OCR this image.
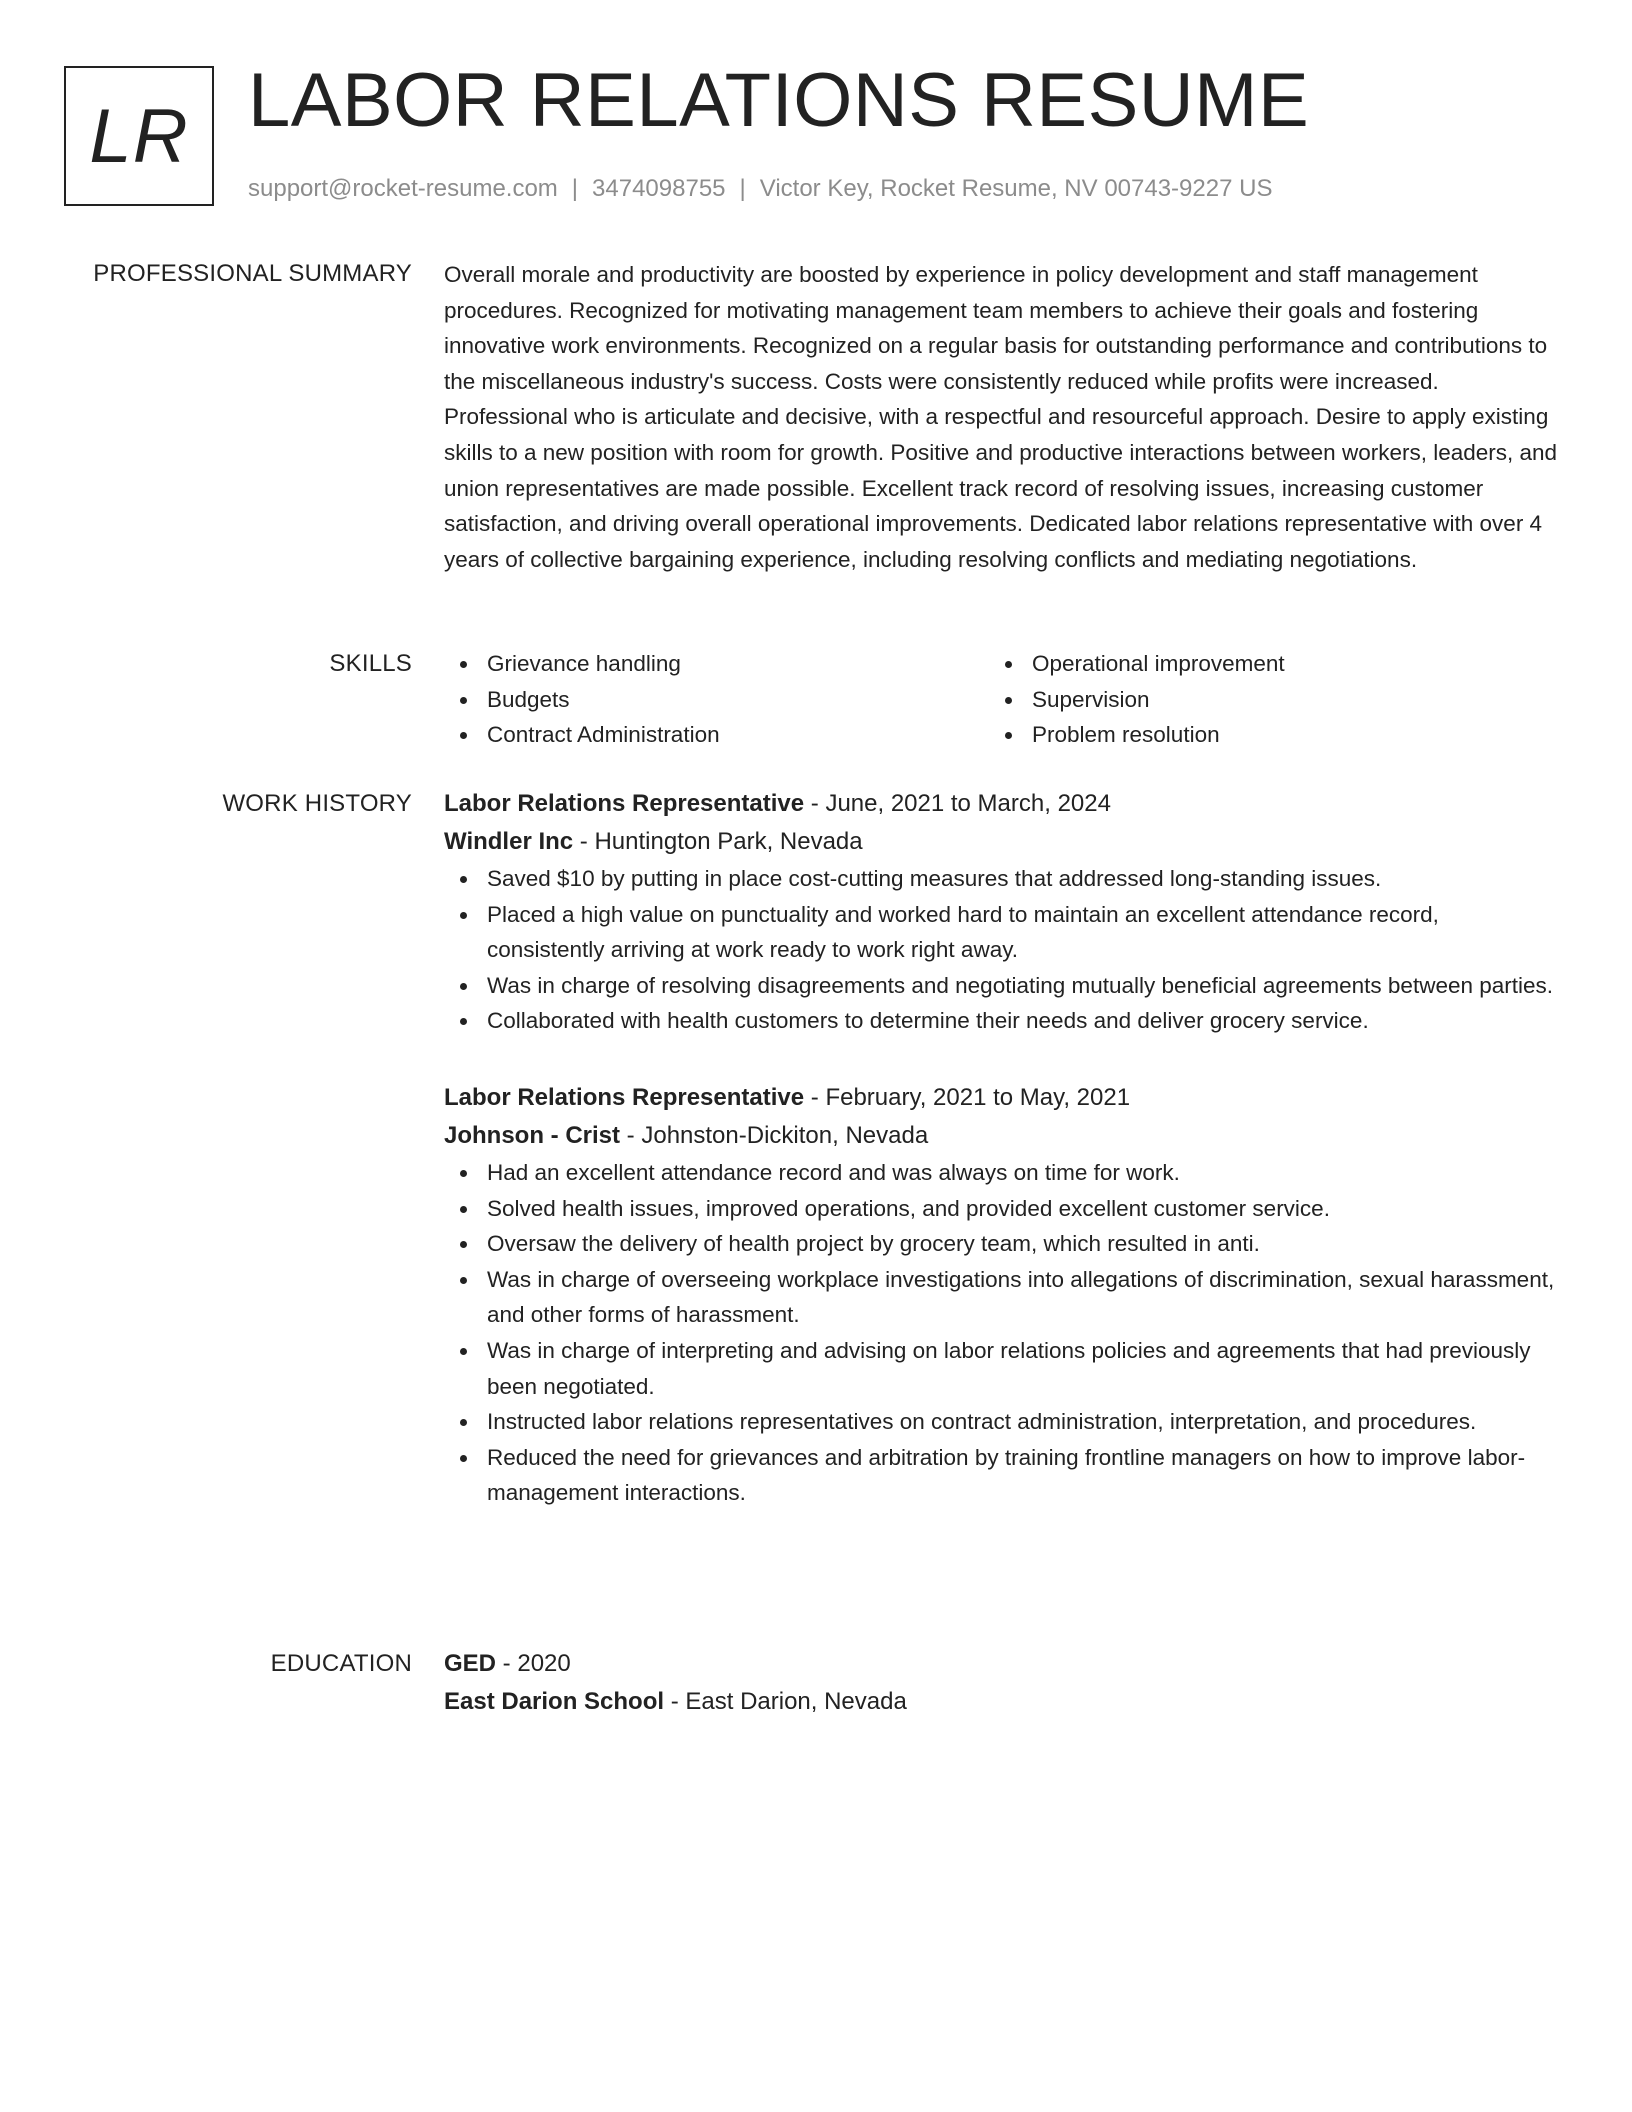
LR LABOR RELATIONS RESUME
support@rocket-resume.com | 3474098755 | Victor Key, Rocket Resume, NV 00743-9227 US
PROFESSIONAL SUMMARY Overall morale and productivity are boosted by experience in policy development and staff management procedures. Recognized for motivating management team members to achieve their goals and fostering innovative work environments. Recognized on a regular basis for outstanding performance and contributions to the miscellaneous industry's success. Costs were consistently reduced while profits were increased. Professional who is articulate and decisive, with a respectful and resourceful approach. Desire to apply existing skills to a new position with room for growth. Positive and productive interactions between workers, leaders, and union representatives are made possible. Excellent track record of resolving issues, increasing customer satisfaction, and driving overall operational improvements. Dedicated labor relations representative with over 4 years of collective bargaining experience, including resolving conflicts and mediating negotiations.

SKILLS	Grievance handling
Budgets
Contract Administration
Operational improvement
Supervision
Problem resolution
WORK HISTORY Labor Relations Representative - June, 2021 to March, 2024
Windler Inc - Huntington Park, Nevada
Saved $10 by putting in place cost-cutting measures that addressed long-standing issues.
Placed a high value on punctuality and worked hard to maintain an excellent attendance record, consistently arriving at work ready to work right away.
Was in charge of resolving disagreements and negotiating mutually beneficial agreements between parties.
Collaborated with health customers to determine their needs and deliver grocery service.
Labor Relations Representative - February, 2021 to May, 2021
Johnson - Crist - Johnston-Dickiton, Nevada
Had an excellent attendance record and was always on time for work.
Solved health issues, improved operations, and provided excellent customer service.
Oversaw the delivery of health project by grocery team, which resulted in anti.
Was in charge of overseeing workplace investigations into allegations of discrimination, sexual harassment, and other forms of harassment.
Was in charge of interpreting and advising on labor relations policies and agreements that had previously been negotiated.
Instructed labor relations representatives on contract administration, interpretation, and procedures.
Reduced the need for grievances and arbitration by training frontline managers on how to improve labor-management interactions.
EDUCATION GED - 2020
East Darion School - East Darion, Nevada
